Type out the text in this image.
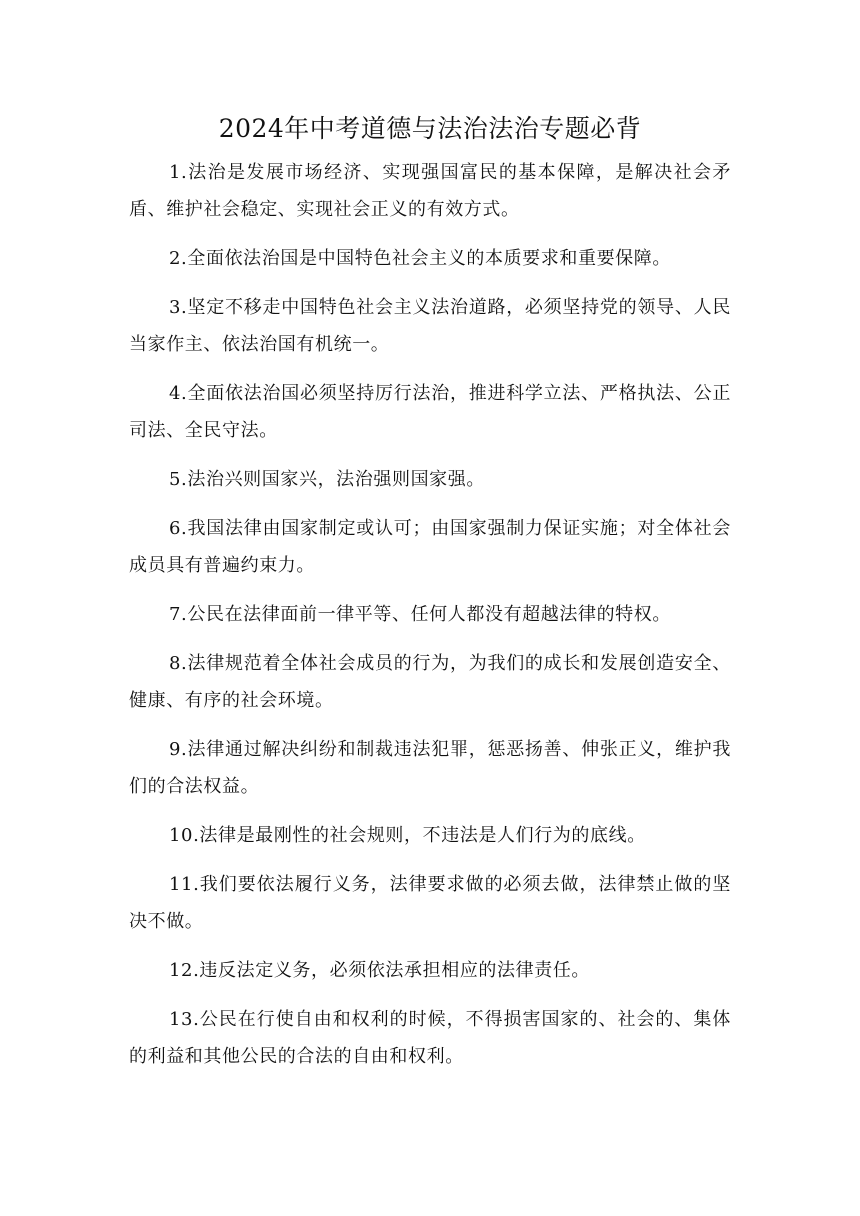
2024年中考道德与法治法治专题必背
1.法治是发展市场经济、实现强国富民的基本保障，是解决社会矛盾、维护社会稳定、实现社会正义的有效方式。
2.全面依法治国是中国特色社会主义的本质要求和重要保障。
3.坚定不移走中国特色社会主义法治道路，必须坚持党的领导、人民当家作主、依法治国有机统一。
4.全面依法治国必须坚持厉行法治，推进科学立法、严格执法、公正司法、全民守法。
5.法治兴则国家兴，法治强则国家强。
6.我国法律由国家制定或认可；由国家强制力保证实施；对全体社会成员具有普遍约束力。
7.公民在法律面前一律平等、任何人都没有超越法律的特权。
8.法律规范着全体社会成员的行为，为我们的成长和发展创造安全、健康、有序的社会环境。
9.法律通过解决纠纷和制裁违法犯罪，惩恶扬善、伸张正义，维护我们的合法权益。
10.法律是最刚性的社会规则，不违法是人们行为的底线。
11.我们要依法履行义务，法律要求做的必须去做，法律禁止做的坚决不做。
12.违反法定义务，必须依法承担相应的法律责任。
13.公民在行使自由和权利的时候，不得损害国家的、社会的、集体的利益和其他公民的合法的自由和权利。
